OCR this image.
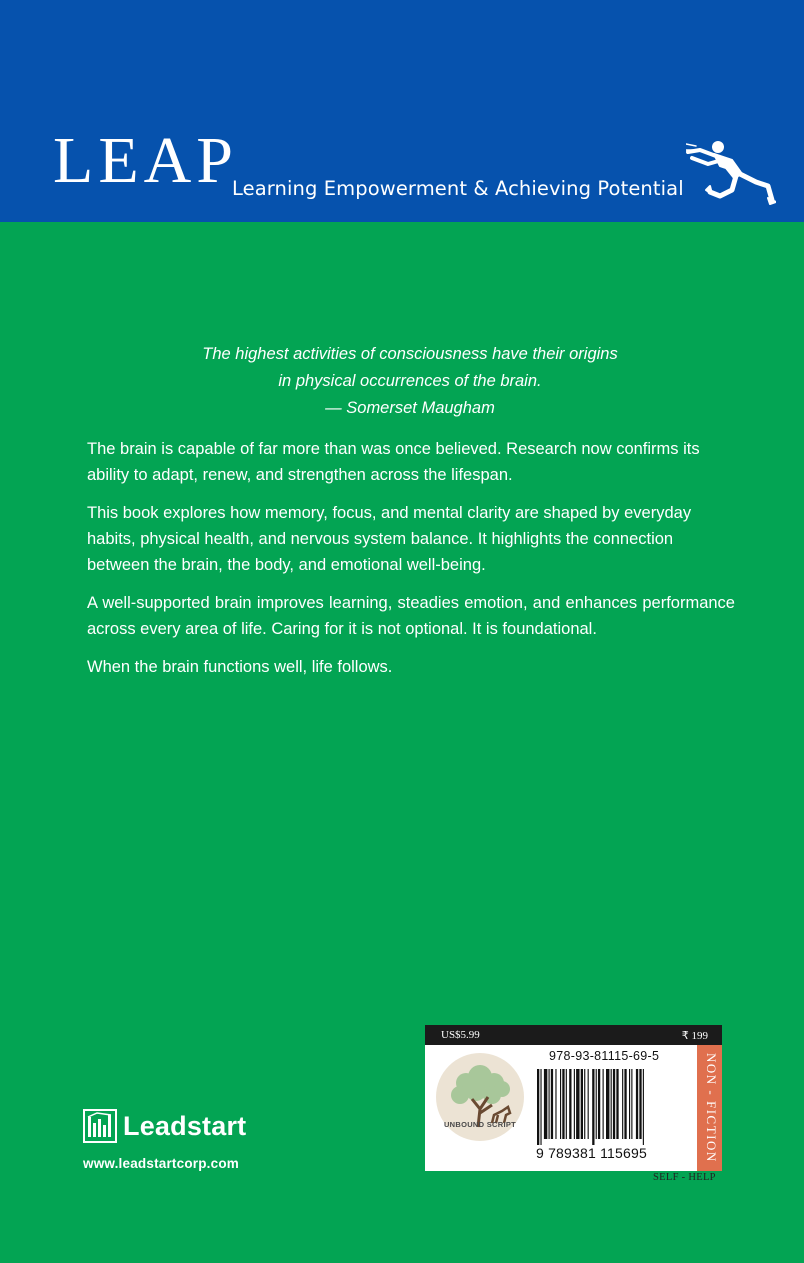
LEAP
Learning Empowerment & Achieving Potential
The highest activities of consciousness have their origins
in physical occurrences of the brain.
— Somerset Maugham

The brain is capable of far more than was once believed. Research now confirms its ability to adapt, renew, and strengthen across the lifespan.

This book explores how memory, focus, and mental clarity are shaped by everyday habits, physical health, and nervous system balance. It highlights the connection between the brain, the body, and emotional well-being.

A well-supported brain improves learning, steadies emotion, and enhances performance across every area of life. Caring for it is not optional. It is foundational.

When the brain functions well, life follows.

Leadstart
www.leadstartcorp.com
US$5.99	₹ 199
UNBOUND SCRIPT
978-93-81115-69-5
9 789381 115695	NON - FICTION
SELF - HELP
